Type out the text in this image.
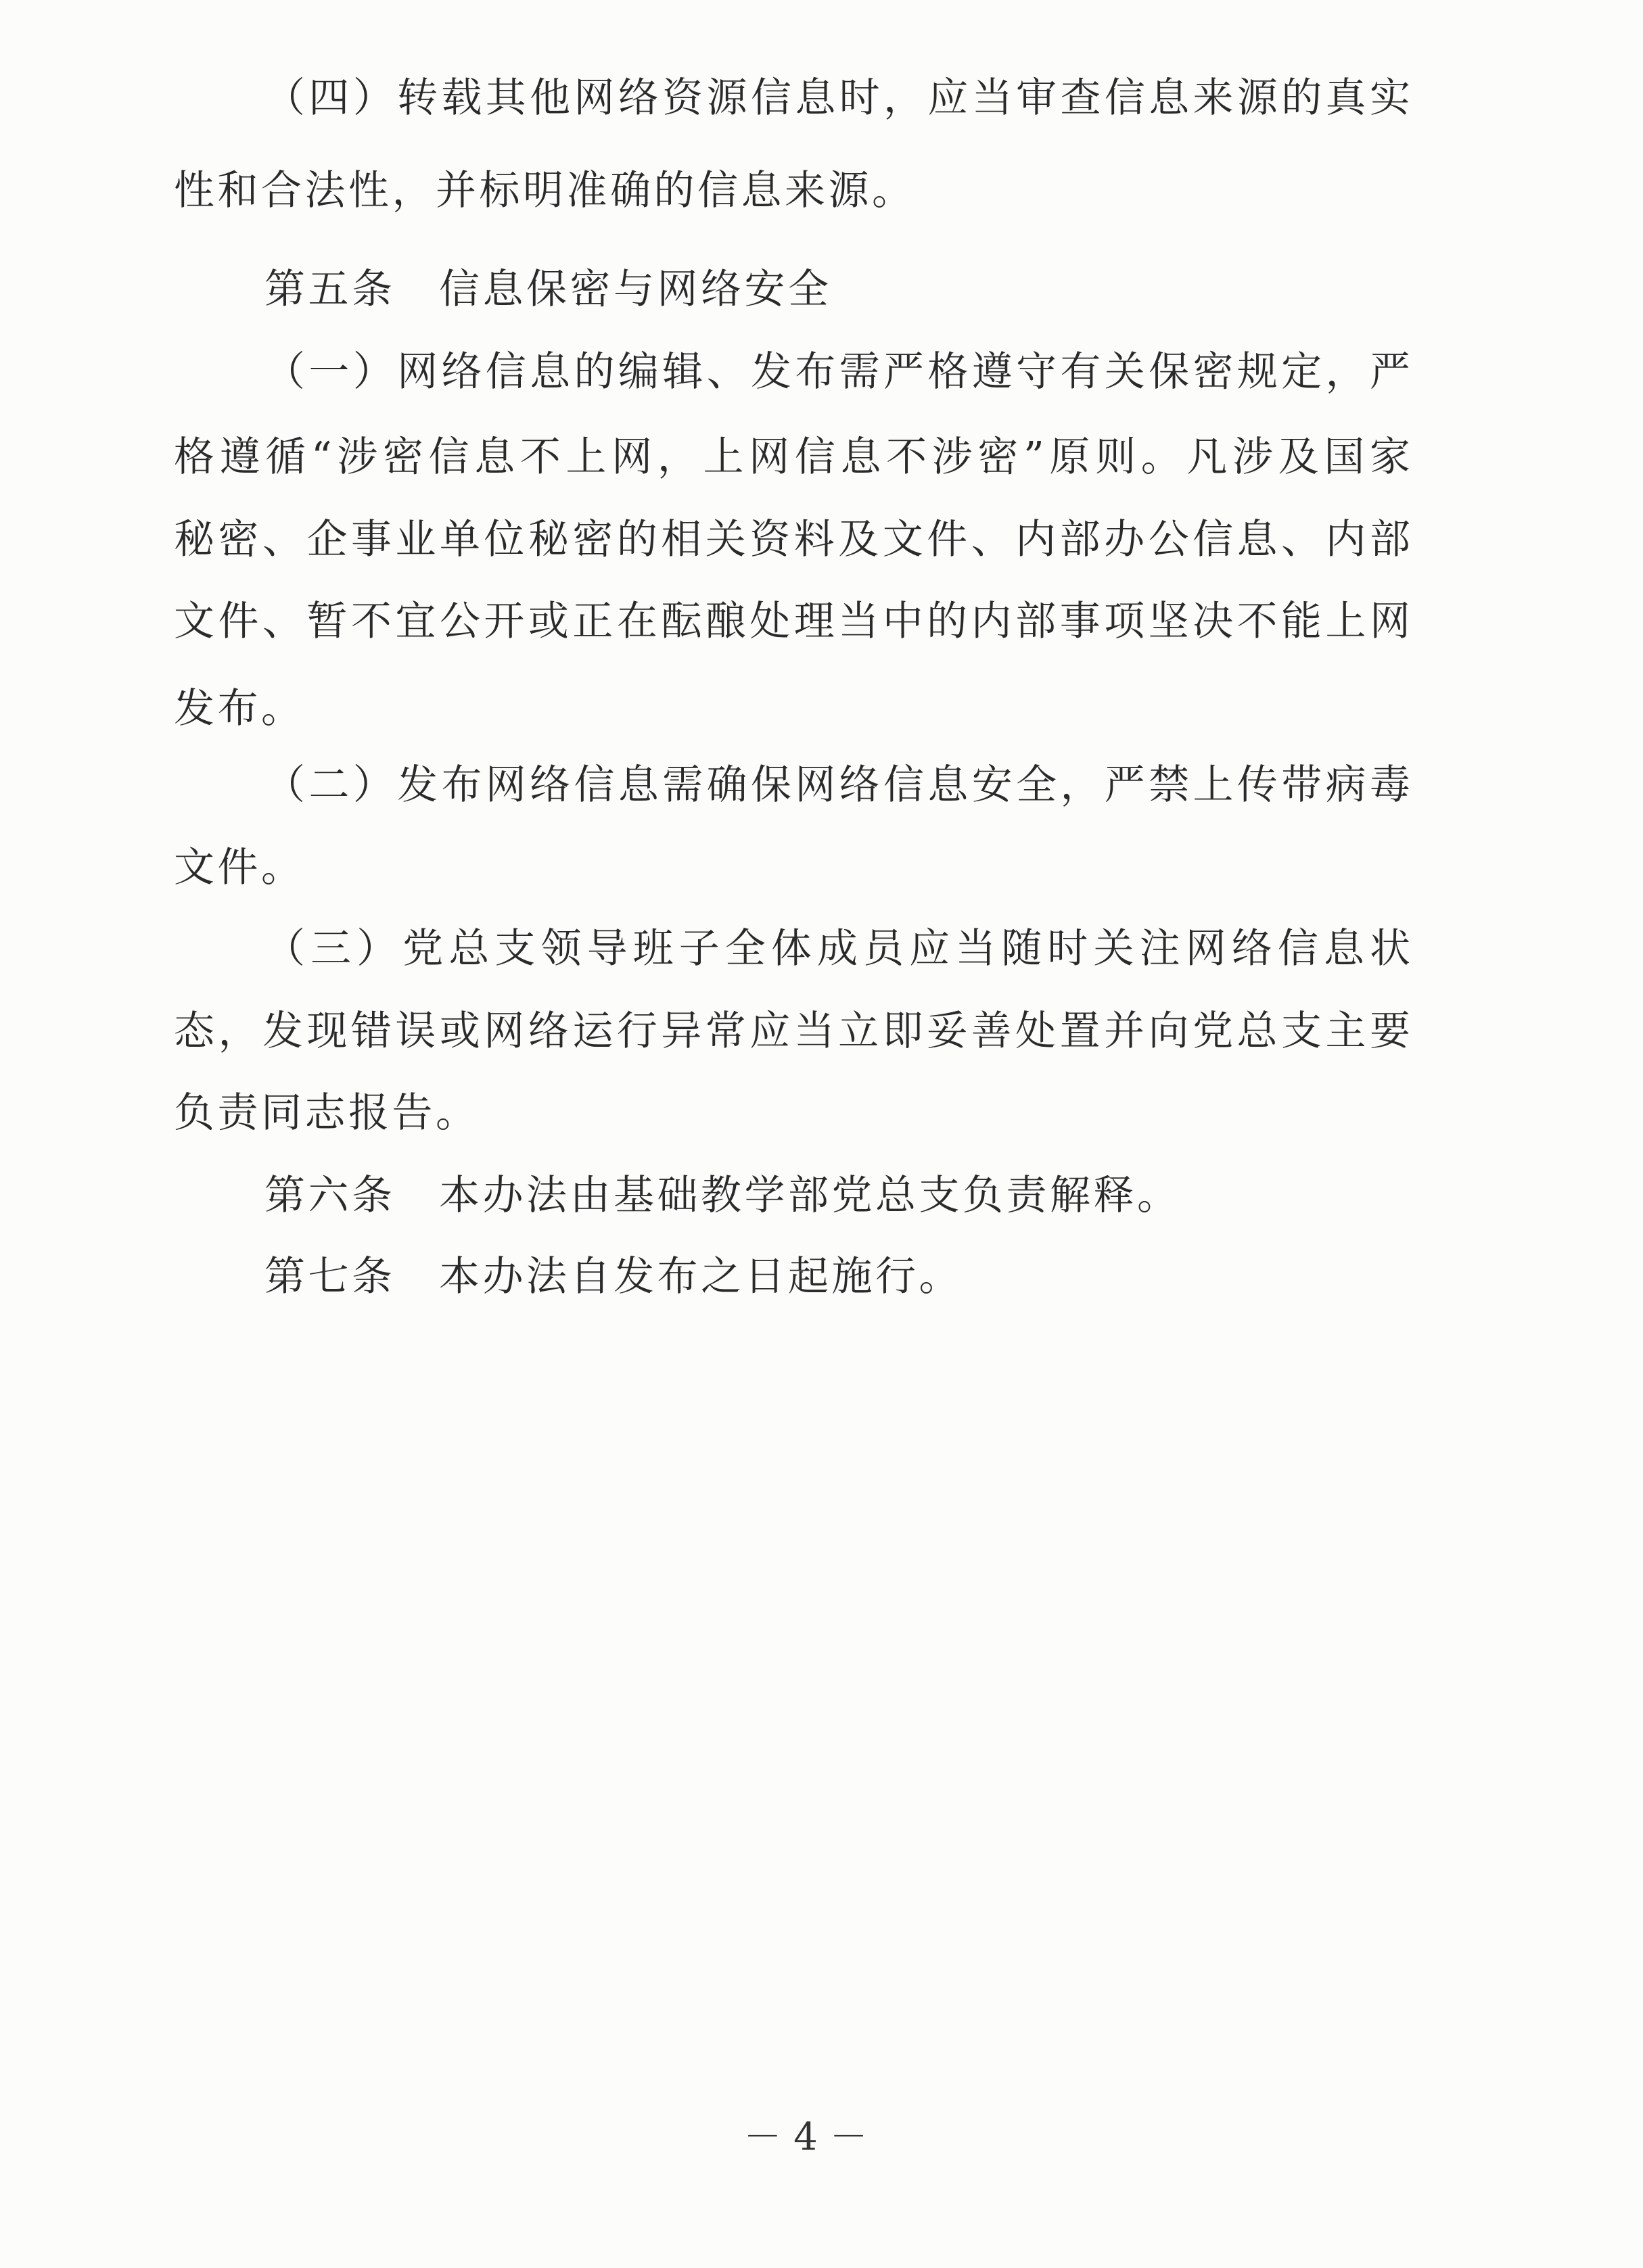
（四）转载其他网络资源信息时，应当审查信息来源的真实
性和合法性，并标明准确的信息来源。
第五条　信息保密与网络安全
（一）网络信息的编辑、发布需严格遵守有关保密规定，严
格遵循“涉密信息不上网，上网信息不涉密”原则。凡涉及国家
秘密、企事业单位秘密的相关资料及文件、内部办公信息、内部
文件、暂不宜公开或正在酝酿处理当中的内部事项坚决不能上网
发布。
（二）发布网络信息需确保网络信息安全，严禁上传带病毒
文件。
（三）党总支领导班子全体成员应当随时关注网络信息状
态，发现错误或网络运行异常应当立即妥善处置并向党总支主要
负责同志报告。
第六条　本办法由基础教学部党总支负责解释。
第七条　本办法自发布之日起施行。
－ 4 －
